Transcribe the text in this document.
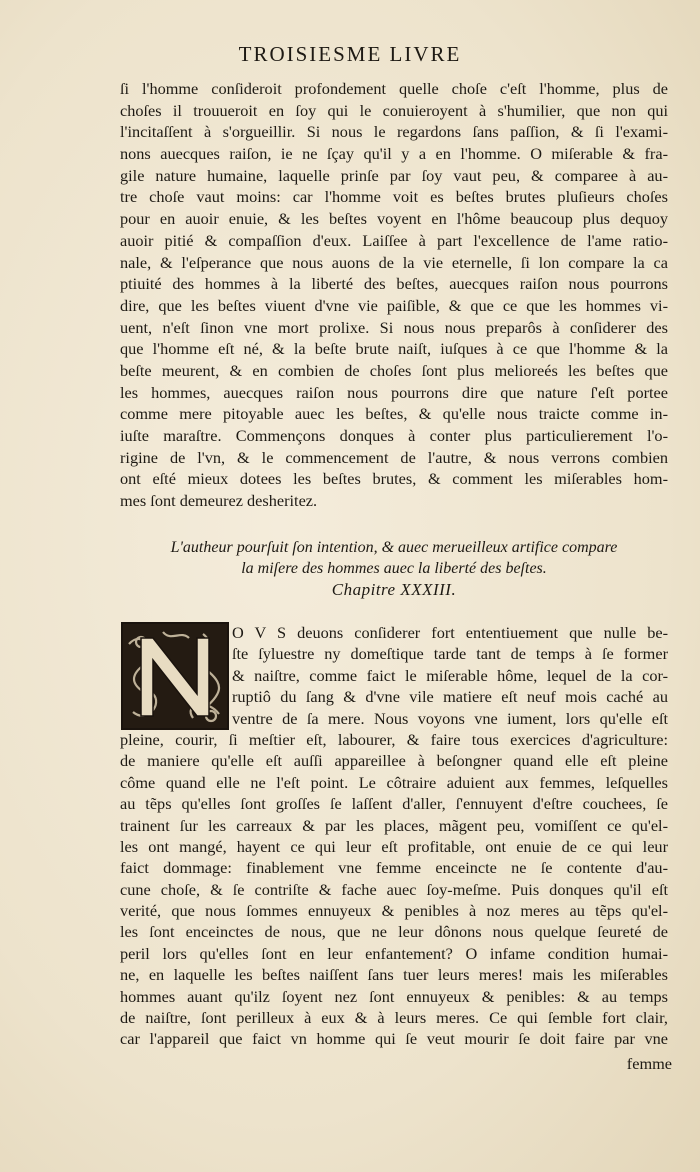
TROISIESME LIVRE
ſi l'homme conſideroit profondement quelle choſe c'eſt l'homme, plus de
choſes il trouueroit en ſoy qui le conuieroyent à s'humilier, que non qui
l'incitaſſent à s'orgueillir. Si nous le regardons ſans paſſion, & ſi l'exami-
nons auecques raiſon, ie ne ſçay qu'il y a en l'homme. O miſerable & fra-
gile nature humaine, laquelle prinſe par ſoy vaut peu, & comparee à au-
tre choſe vaut moins: car l'homme voit es beſtes brutes pluſieurs choſes
pour en auoir enuie, & les beſtes voyent en l'hôme beaucoup plus dequoy
auoir pitié & compaſſion d'eux. Laiſſee à part l'excellence de l'ame ratio-
nale, & l'eſperance que nous auons de la vie eternelle, ſi lon compare la ca
ptiuité des hommes à la liberté des beſtes, auecques raiſon nous pourrons
dire, que les beſtes viuent d'vne vie paiſible, & que ce que les hommes vi-
uent, n'eſt ſinon vne mort prolixe. Si nous nous preparôs à conſiderer des
que l'homme eſt né, & la beſte brute naiſt, iuſques à ce que l'homme & la
beſte meurent, & en combien de choſes ſont plus melioreés les beſtes que
les hommes, auecques raiſon nous pourrons dire que nature ſ'eſt portee
comme mere pitoyable auec les beſtes, & qu'elle nous traicte comme in-
iuſte maraſtre. Commençons donques à conter plus particulierement l'o-
rigine de l'vn, & le commencement de l'autre, & nous verrons combien
ont eſté mieux dotees les beſtes brutes, & comment les miſerables hom-
mes ſont demeurez desheritez.
L'autheur pourſuit ſon intention, & auec merueilleux artifice compare
la miſere des hommes auec la liberté des beſtes.
Chapitre XXXIII.
O V S deuons conſiderer fort ententiuement que nulle be-
ſte ſyluestre ny domeſtique tarde tant de temps à ſe former
& naiſtre, comme faict le miſerable hôme, lequel de la cor-
ruptiô du ſang & d'vne vile matiere eſt neuf mois caché au
ventre de ſa mere. Nous voyons vne iument, lors qu'elle eſt
pleine, courir, ſi meſtier eſt, labourer, & faire tous exercices d'agriculture:
de maniere qu'elle eſt auſſi appareillee à beſongner quand elle eſt pleine
côme quand elle ne l'eſt point. Le côtraire aduient aux femmes, leſquelles
au tẽps qu'elles ſont groſſes ſe laſſent d'aller, ſ'ennuyent d'eſtre couchees, ſe
trainent ſur les carreaux & par les places, mãgent peu, vomiſſent ce qu'el-
les ont mangé, hayent ce qui leur eſt profitable, ont enuie de ce qui leur
faict dommage: finablement vne femme enceincte ne ſe contente d'au-
cune choſe, & ſe contriſte & fache auec ſoy-meſme. Puis donques qu'il eſt
verité, que nous ſommes ennuyeux & penibles à noz meres au tẽps qu'el-
les ſont enceinctes de nous, que ne leur dônons nous quelque ſeureté de
peril lors qu'elles ſont en leur enfantement? O infame condition humai-
ne, en laquelle les beſtes naiſſent ſans tuer leurs meres! mais les miſerables
hommes auant qu'ilz ſoyent nez ſont ennuyeux & penibles: & au temps
de naiſtre, ſont perilleux à eux & à leurs meres. Ce qui ſemble fort clair,
car l'appareil que faict vn homme qui ſe veut mourir ſe doit faire par vne
femme
